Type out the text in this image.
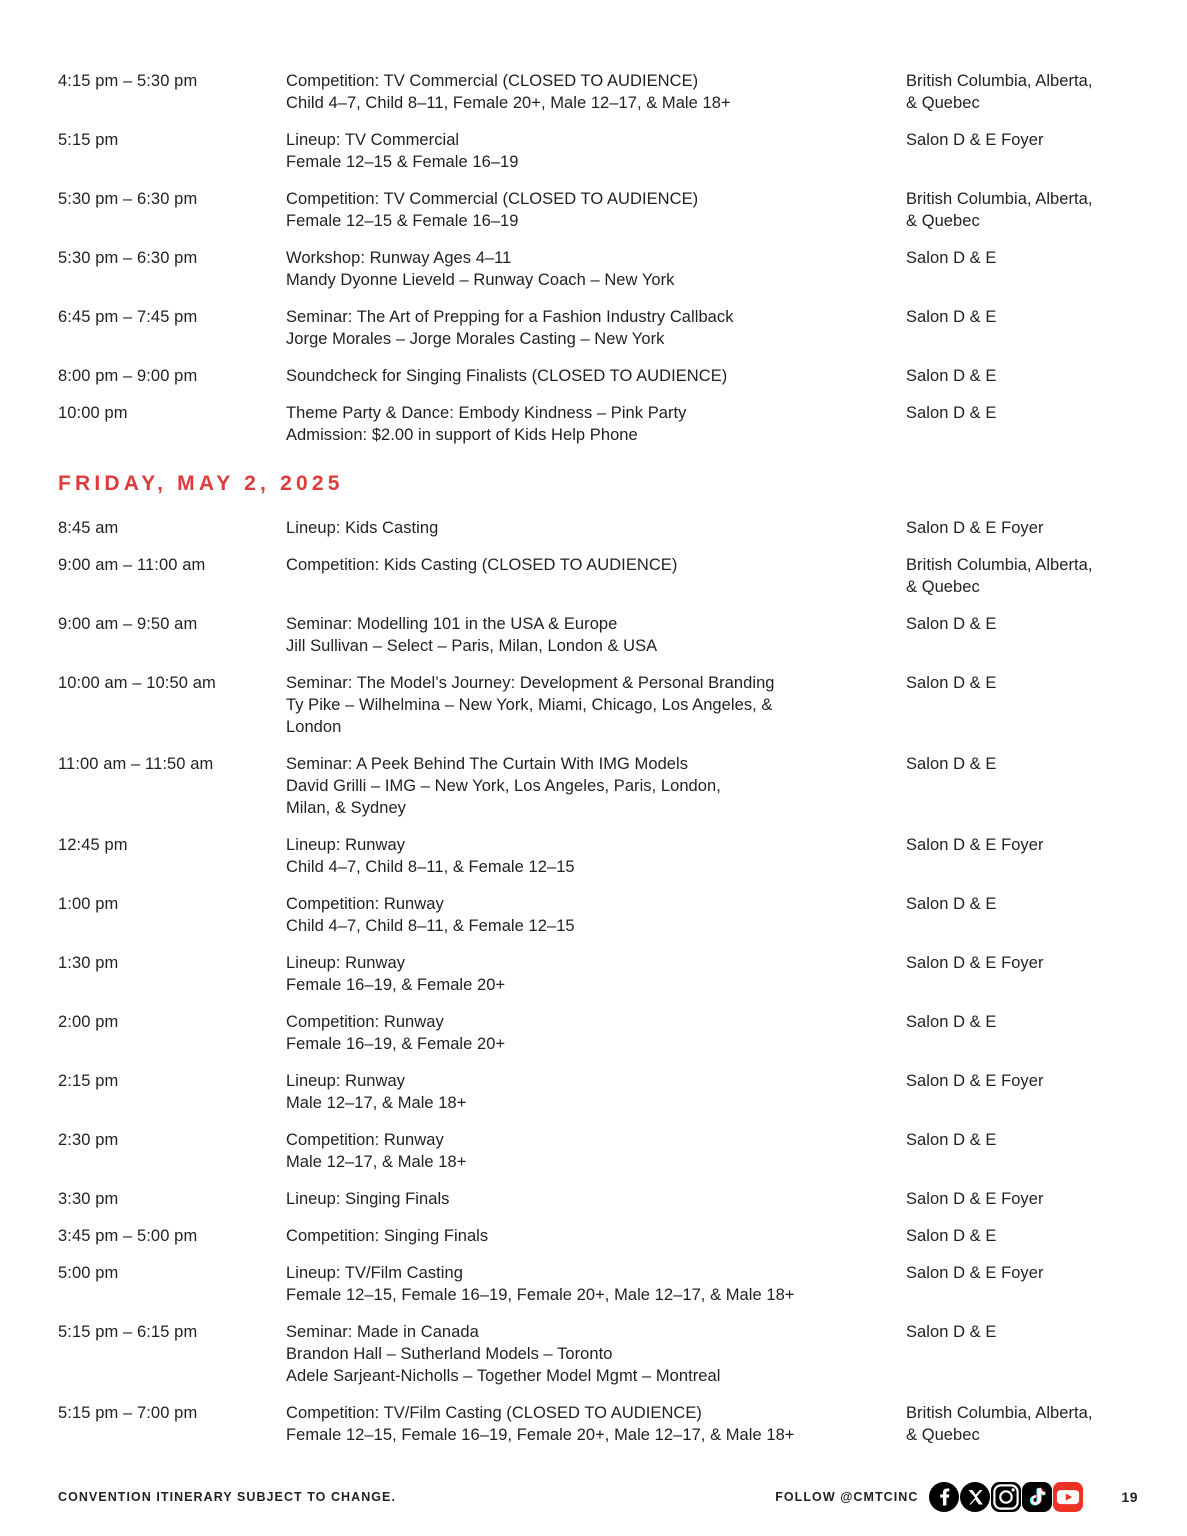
4:15 pm – 5:30 pm	Competition: TV Commercial (CLOSED TO AUDIENCE)
Child 4–7, Child 8–11, Female 20+, Male 12–17, & Male 18+
British Columbia, Alberta,
& Quebec
5:15 pm	Lineup: TV Commercial
Female 12–15 & Female 16–19
Salon D & E Foyer
5:30 pm – 6:30 pm	Competition: TV Commercial (CLOSED TO AUDIENCE)
Female 12–15 & Female 16–19
British Columbia, Alberta,
& Quebec
5:30 pm – 6:30 pm	Workshop: Runway Ages 4–11
Mandy Dyonne Lieveld – Runway Coach – New York
Salon D & E
6:45 pm – 7:45 pm	Seminar: The Art of Prepping for a Fashion Industry Callback
Jorge Morales – Jorge Morales Casting – New York
Salon D & E
8:00 pm – 9:00 pm	Soundcheck for Singing Finalists (CLOSED TO AUDIENCE)	Salon D & E
10:00 pm	Theme Party & Dance: Embody Kindness – Pink Party
Admission: $2.00 in support of Kids Help Phone
Salon D & E
FRIDAY, MAY 2, 2025
8:45 am	Lineup: Kids Casting	Salon D & E Foyer
9:00 am – 11:00 am	Competition: Kids Casting (CLOSED TO AUDIENCE)	British Columbia, Alberta,
& Quebec
9:00 am – 9:50 am	Seminar: Modelling 101 in the USA & Europe
Jill Sullivan – Select – Paris, Milan, London & USA
Salon D & E
10:00 am – 10:50 am	Seminar: The Model’s Journey: Development & Personal Branding
Ty Pike – Wilhelmina – New York, Miami, Chicago, Los Angeles, &
London
Salon D & E
11:00 am – 11:50 am	Seminar: A Peek Behind The Curtain With IMG Models
David Grilli – IMG – New York, Los Angeles, Paris, London,
Milan, & Sydney
Salon D & E
12:45 pm	Lineup: Runway
Child 4–7, Child 8–11, & Female 12–15
Salon D & E Foyer
1:00 pm	Competition: Runway
Child 4–7, Child 8–11, & Female 12–15
Salon D & E
1:30 pm	Lineup: Runway
Female 16–19, & Female 20+
Salon D & E Foyer
2:00 pm	Competition: Runway
Female 16–19, & Female 20+
Salon D & E
2:15 pm	Lineup: Runway
Male 12–17, & Male 18+
Salon D & E Foyer
2:30 pm	Competition: Runway
Male 12–17, & Male 18+
Salon D & E
3:30 pm	Lineup: Singing Finals	Salon D & E Foyer
3:45 pm – 5:00 pm	Competition: Singing Finals	Salon D & E
5:00 pm	Lineup: TV/Film Casting
Female 12–15, Female 16–19, Female 20+, Male 12–17, & Male 18+
Salon D & E Foyer
5:15 pm – 6:15 pm	Seminar: Made in Canada
Brandon Hall – Sutherland Models – Toronto
Adele Sarjeant-Nicholls – Together Model Mgmt – Montreal
Salon D & E
5:15 pm – 7:00 pm	Competition: TV/Film Casting (CLOSED TO AUDIENCE)
Female 12–15, Female 16–19, Female 20+, Male 12–17, & Male 18+
British Columbia, Alberta,
& Quebec
CONVENTION ITINERARY SUBJECT TO CHANGE.	FOLLOW @CMTCINC	19
